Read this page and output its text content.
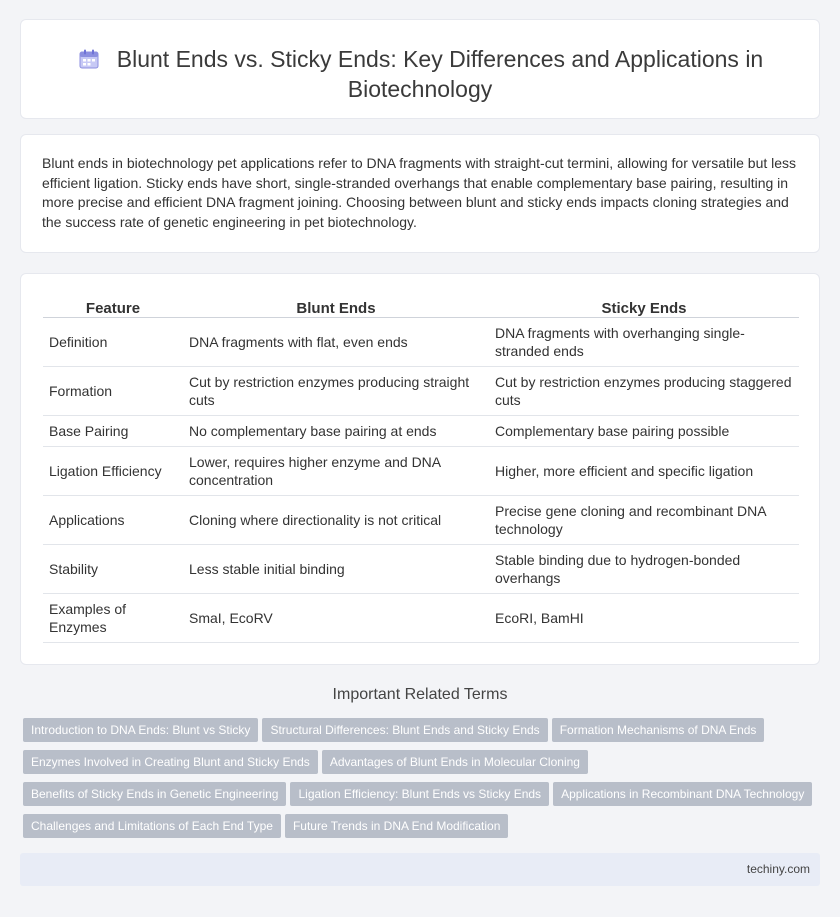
Blunt Ends vs. Sticky Ends: Key Differences and Applications in Biotechnology

Blunt ends in biotechnology pet applications refer to DNA fragments with straight-cut termini, allowing for versatile but less efficient ligation. Sticky ends have short, single-stranded overhangs that enable complementary base pairing, resulting in more precise and efficient DNA fragment joining. Choosing between blunt and sticky ends impacts cloning strategies and the success rate of genetic engineering in pet biotechnology.

Feature	Blunt Ends	Sticky Ends
Definition	DNA fragments with flat, even ends	DNA fragments with overhanging single-stranded ends
Formation	Cut by restriction enzymes producing straight cuts	Cut by restriction enzymes producing staggered cuts
Base Pairing	No complementary base pairing at ends	Complementary base pairing possible
Ligation Efficiency	Lower, requires higher enzyme and DNA concentration	Higher, more efficient and specific ligation
Applications	Cloning where directionality is not critical	Precise gene cloning and recombinant DNA technology
Stability	Less stable initial binding	Stable binding due to hydrogen-bonded overhangs
Examples of Enzymes	SmaI, EcoRV	EcoRI, BamHI
Important Related Terms
Introduction to DNA Ends: Blunt vs Sticky Structural Differences: Blunt Ends and Sticky Ends Formation Mechanisms of DNA Ends
Enzymes Involved in Creating Blunt and Sticky Ends Advantages of Blunt Ends in Molecular Cloning
Benefits of Sticky Ends in Genetic Engineering Ligation Efficiency: Blunt Ends vs Sticky Ends Applications in Recombinant DNA Technology
Challenges and Limitations of Each End Type Future Trends in DNA End Modification
techiny.com
